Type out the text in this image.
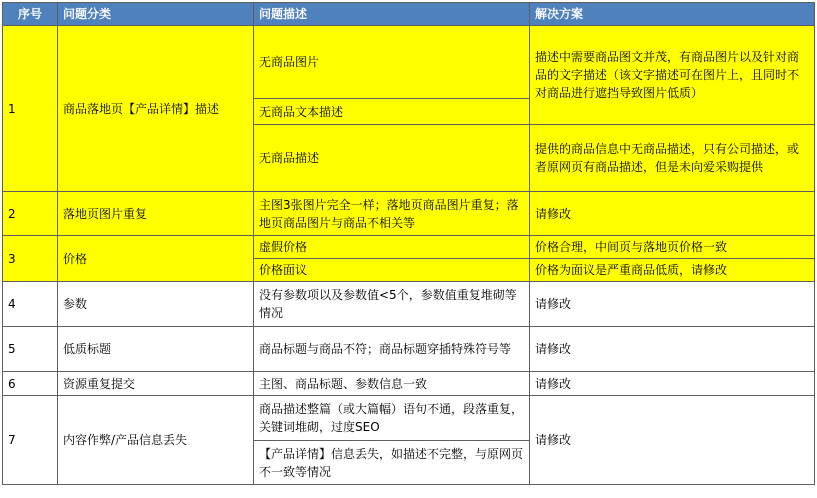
序号	问题分类	问题描述	解决方案
1	商品落地页【产品详情】描述	无商品图片	描述中需要商品图文并茂，有商品图片以及针对商品的文字描述（该文字描述可在图片上，且同时不对商品进行遮挡导致图片低质）
		无商品文本描述	
		无商品描述	提供的商品信息中无商品描述，只有公司描述，或者原网页有商品描述，但是未向爱采购提供
2	落地页图片重复	主图3张图片完全一样；落地页商品图片重复；落地页商品图片与商品不相关等	请修改
3	价格	虚假价格	价格合理，中间页与落地页价格一致
		价格面议	价格为面议是严重商品低质，请修改
4	参数	没有参数项以及参数值<5个，参数值重复堆砌等情况	请修改
5	低质标题	商品标题与商品不符；商品标题穿插特殊符号等	请修改
6	资源重复提交	主图、商品标题、参数信息一致	请修改
7	内容作弊/产品信息丢失	商品描述整篇（或大篇幅）语句不通，段落重复，关键词堆砌，过度SEO	请修改
		【产品详情】信息丢失，如描述不完整，与原网页不一致等情况	
